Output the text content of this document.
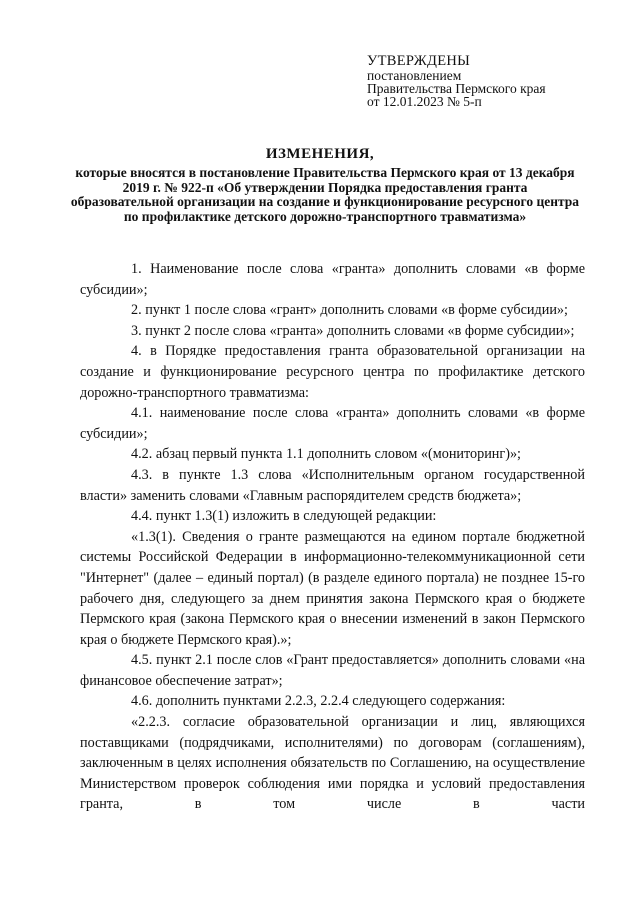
УТВЕРЖДЕНЫ
постановлением
Правительства Пермского края
от 12.01.2023 № 5-п
ИЗМЕНЕНИЯ,
которые вносятся в постановление Правительства Пермского края от 13 декабря 2019 г. № 922-п «Об утверждении Порядка предоставления гранта образовательной организации на создание и функционирование ресурсного центра по профилактике детского дорожно-транспортного травматизма»

1. Наименование после слова «гранта» дополнить словами «в форме субсидии»;

2. пункт 1 после слова «грант» дополнить словами «в форме субсидии»;

3. пункт 2 после слова «гранта» дополнить словами «в форме субсидии»;

4. в Порядке предоставления гранта образовательной организации на создание и функционирование ресурсного центра по профилактике детского дорожно-транспортного травматизма:

4.1. наименование после слова «гранта» дополнить словами «в форме субсидии»;

4.2. абзац первый пункта 1.1 дополнить словом «(мониторинг)»;

4.3. в пункте 1.3 слова «Исполнительным органом государственной власти» заменить словами «Главным распорядителем средств бюджета»;

4.4. пункт 1.3(1) изложить в следующей редакции:

«1.3(1). Сведения о гранте размещаются на едином портале бюджетной системы Российской Федерации в информационно-телекоммуникационной сети "Интернет" (далее – единый портал) (в разделе единого портала) не позднее 15-го рабочего дня, следующего за днем принятия закона Пермского края о бюджете Пермского края (закона Пермского края о внесении изменений в закон Пермского края о бюджете Пермского края).»;

4.5. пункт 2.1 после слов «Грант предоставляется» дополнить словами «на финансовое обеспечение затрат»;

4.6. дополнить пунктами 2.2.3, 2.2.4 следующего содержания:

«2.2.3. согласие образовательной организации и лиц, являющихся поставщиками (подрядчиками, исполнителями) по договорам (соглашениям), заключенным в целях исполнения обязательств по Соглашению, на осуществление Министерством проверок соблюдения ими порядка и условий предоставления гранта, в том числе в части
